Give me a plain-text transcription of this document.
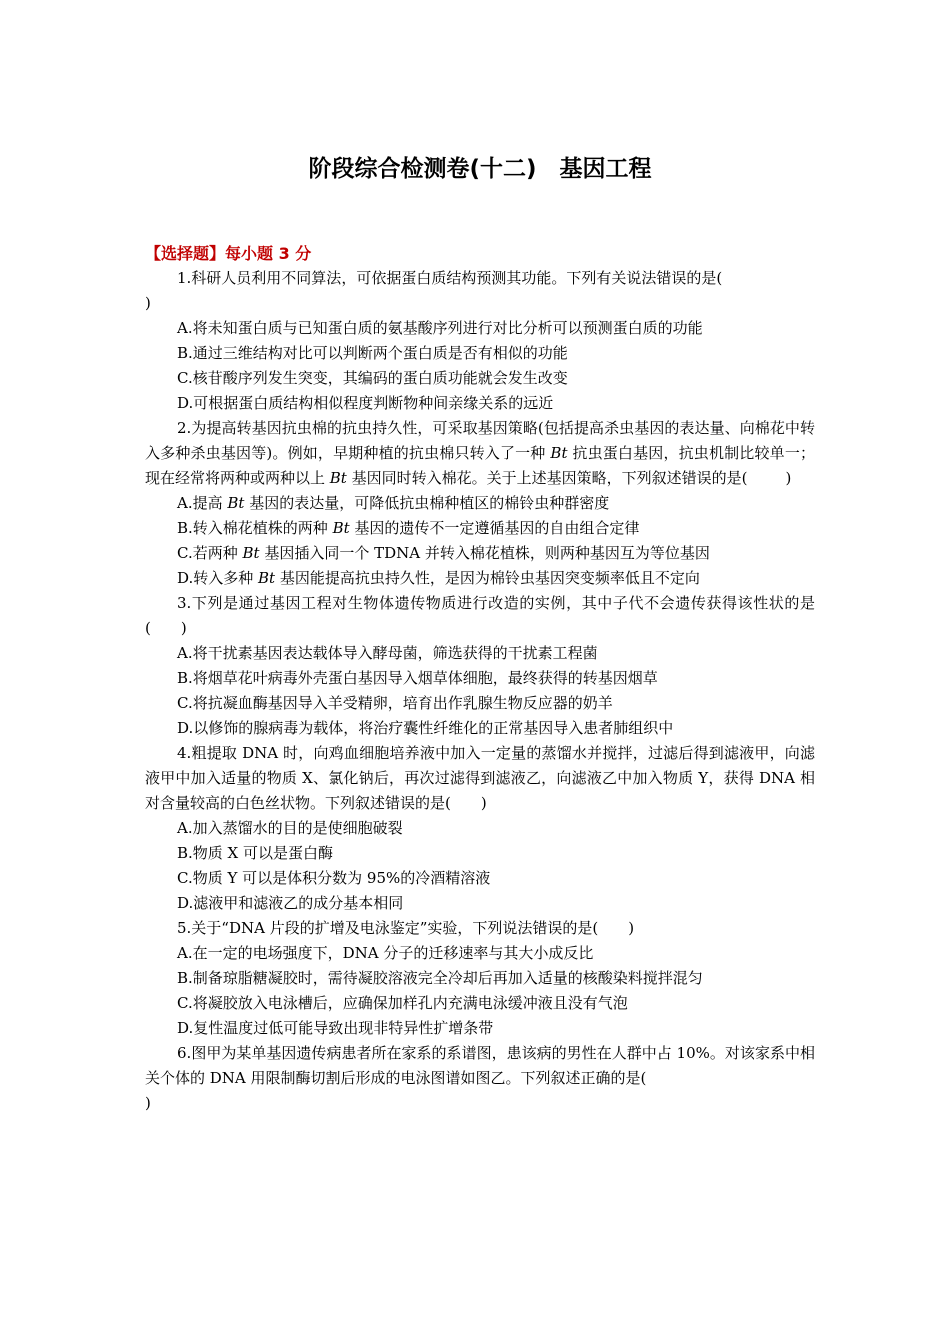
阶段综合检测卷(十二)　基因工程
【选择题】每小题 3 分

1.科研人员利用不同算法，可依据蛋白质结构预测其功能。下列有关说法错误的是(
)

A.将未知蛋白质与已知蛋白质的氨基酸序列进行对比分析可以预测蛋白质的功能

B.通过三维结构对比可以判断两个蛋白质是否有相似的功能

C.核苷酸序列发生突变，其编码的蛋白质功能就会发生改变

D.可根据蛋白质结构相似程度判断物种间亲缘关系的远近

2.为提高转基因抗虫棉的抗虫持久性，可采取基因策略(包括提高杀虫基因的表达量、向棉花中转入多种杀虫基因等)。例如，早期种植的抗虫棉只转入了一种 Bt 抗虫蛋白基因，抗虫机制比较单一；现在经常将两种或两种以上 Bt 基因同时转入棉花。关于上述基因策略，下列叙述错误的是(	)

A.提高 Bt 基因的表达量，可降低抗虫棉种植区的棉铃虫种群密度

B.转入棉花植株的两种 Bt 基因的遗传不一定遵循基因的自由组合定律

C.若两种 Bt 基因插入同一个 TDNA 并转入棉花植株，则两种基因互为等位基因

D.转入多种 Bt 基因能提高抗虫持久性，是因为棉铃虫基因突变频率低且不定向

3.下列是通过基因工程对生物体遗传物质进行改造的实例，其中子代不会遗传获得该性状的是(　　)

A.将干扰素基因表达载体导入酵母菌，筛选获得的干扰素工程菌

B.将烟草花叶病毒外壳蛋白基因导入烟草体细胞，最终获得的转基因烟草

C.将抗凝血酶基因导入羊受精卵，培育出作乳腺生物反应器的奶羊

D.以修饰的腺病毒为载体，将治疗囊性纤维化的正常基因导入患者肺组织中

4.粗提取 DNA 时，向鸡血细胞培养液中加入一定量的蒸馏水并搅拌，过滤后得到滤液甲，向滤液甲中加入适量的物质 X、氯化钠后，再次过滤得到滤液乙，向滤液乙中加入物质 Y，获得 DNA 相对含量较高的白色丝状物。下列叙述错误的是(　　)

A.加入蒸馏水的目的是使细胞破裂

B.物质 X 可以是蛋白酶

C.物质 Y 可以是体积分数为 95%的冷酒精溶液

D.滤液甲和滤液乙的成分基本相同

5.关于“DNA 片段的扩增及电泳鉴定”实验，下列说法错误的是(　　)

A.在一定的电场强度下，DNA 分子的迁移速率与其大小成反比

B.制备琼脂糖凝胶时，需待凝胶溶液完全冷却后再加入适量的核酸染料搅拌混匀

C.将凝胶放入电泳槽后，应确保加样孔内充满电泳缓冲液且没有气泡

D.复性温度过低可能导致出现非特异性扩增条带

6.图甲为某单基因遗传病患者所在家系的系谱图，患该病的男性在人群中占 10%。对该家系中相关个体的 DNA 用限制酶切割后形成的电泳图谱如图乙。下列叙述正确的是(
)
